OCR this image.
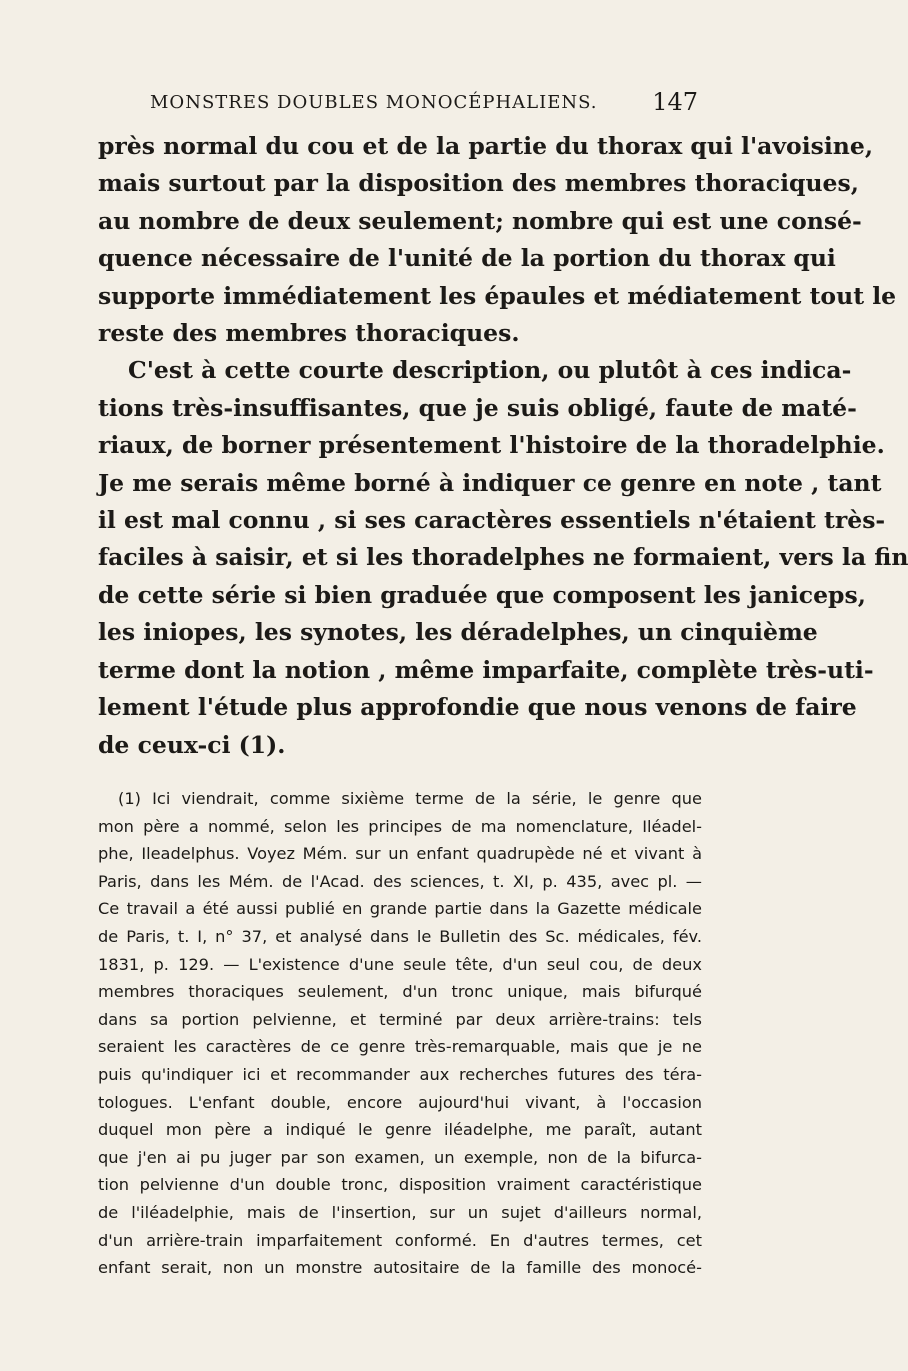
MONSTRES DOUBLES MONOCÉPHALIENS. 147
près normal du cou et de la partie du thorax qui l'avoisine,
mais surtout par la disposition des membres thoraciques,
au nombre de deux seulement; nombre qui est une consé-
quence nécessaire de l'unité de la portion du thorax qui
supporte immédiatement les épaules et médiatement tout le
reste des membres thoraciques.
C'est à cette courte description, ou plutôt à ces indica-
tions très-insuffisantes, que je suis obligé, faute de maté-
riaux, de borner présentement l'histoire de la thoradelphie.
Je me serais même borné à indiquer ce genre en note , tant
il est mal connu , si ses caractères essentiels n'étaient très-
faciles à saisir, et si les thoradelphes ne formaient, vers la fin
de cette série si bien graduée que composent les janiceps,
les iniopes, les synotes, les déradelphes, un cinquième
terme dont la notion , même imparfaite, complète très-uti-
lement l'étude plus approfondie que nous venons de faire
de ceux-ci (1).
(1) Ici viendrait, comme sixième terme de la série, le genre que
mon père a nommé, selon les principes de ma nomenclature, Iléadel-
phe, Ileadelphus. Voyez Mém. sur un enfant quadrupède né et vivant à
Paris, dans les Mém. de l'Acad. des sciences, t. XI, p. 435, avec pl. —
Ce travail a été aussi publié en grande partie dans la Gazette médicale
de Paris, t. I, n° 37, et analysé dans le Bulletin des Sc. médicales, fév.
1831, p. 129. — L'existence d'une seule tête, d'un seul cou, de deux
membres thoraciques seulement, d'un tronc unique, mais bifurqué
dans sa portion pelvienne, et terminé par deux arrière-trains: tels
seraient les caractères de ce genre très-remarquable, mais que je ne
puis qu'indiquer ici et recommander aux recherches futures des téra-
tologues. L'enfant double, encore aujourd'hui vivant, à l'occasion
duquel mon père a indiqué le genre iléadelphe, me paraît, autant
que j'en ai pu juger par son examen, un exemple, non de la bifurca-
tion pelvienne d'un double tronc, disposition vraiment caractéristique
de l'iléadelphie, mais de l'insertion, sur un sujet d'ailleurs normal,
d'un arrière-train imparfaitement conformé. En d'autres termes, cet
enfant serait, non un monstre autositaire de la famille des monocé-
